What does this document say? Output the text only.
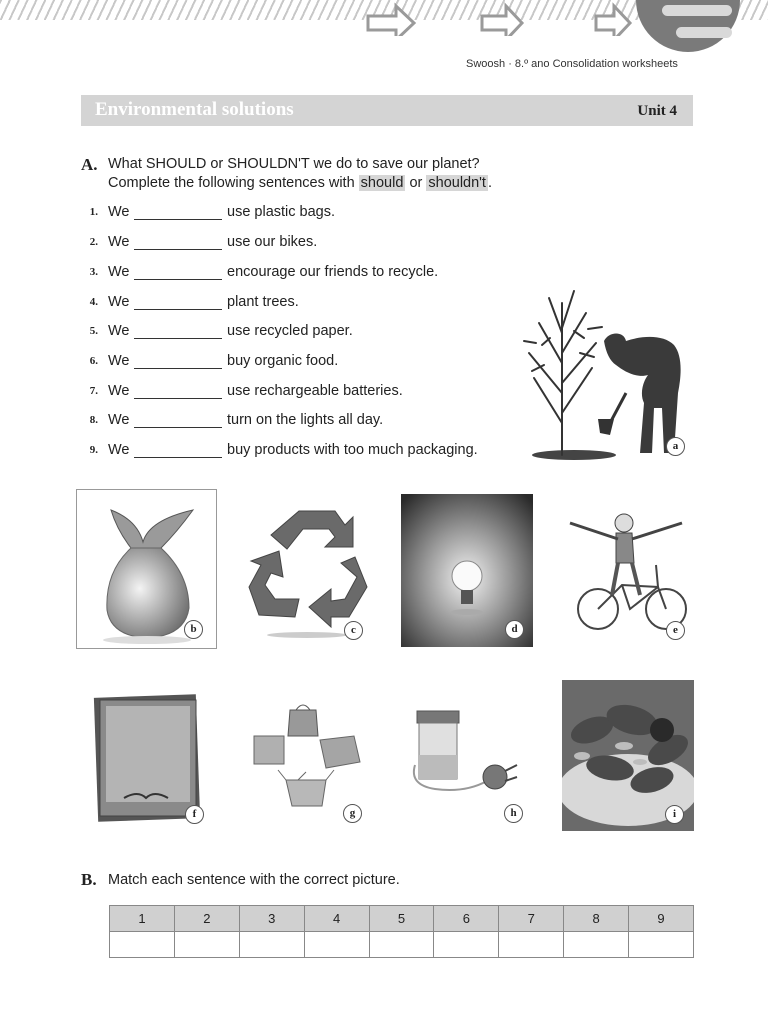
Swoosh · 8.º ano Consolidation worksheets
Environmental solutions	Unit 4
A. What SHOULD or SHOULDN'T we do to save our planet?
Complete the following sentences with should or shouldn't .
1. We	use plastic bags.
2. We	use our bikes.
3. We	encourage our friends to recycle.
4. We	plant trees.
5. We	use recycled paper.
6. We	buy organic food.
7. We	use rechargeable batteries.
8. We	turn on the lights all day.
9. We	buy products with too much packaging.	a
b	c	d	e
f	g	h	i
B. Match each sentence with the correct picture.
1	2	3	4	5	6	7	8	9
